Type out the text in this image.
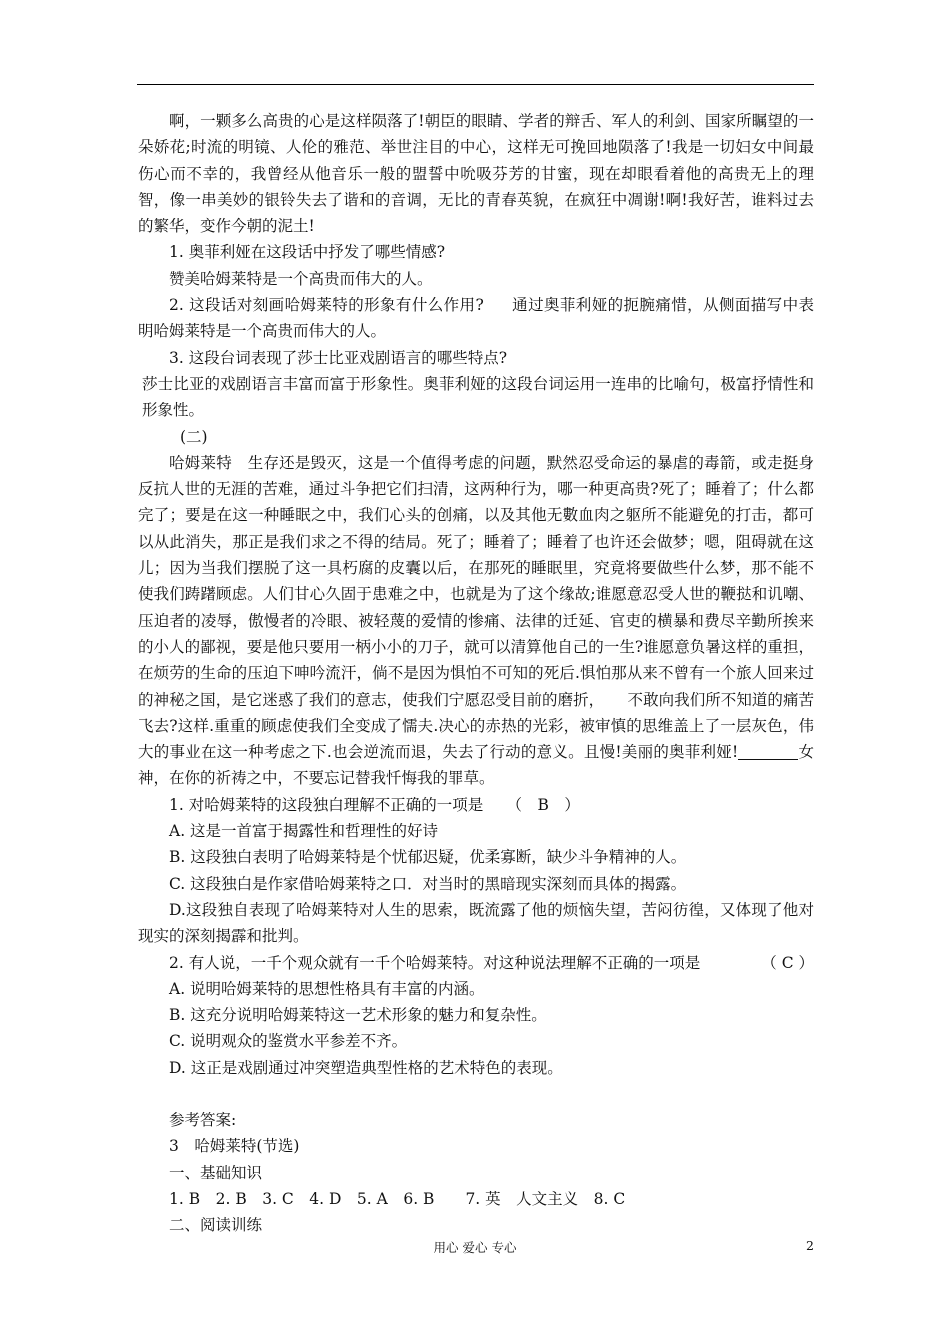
啊，一颗多么高贵的心是这样陨落了!朝臣的眼睛、学者的辩舌、军人的利剑、国家所瞩望的一朵娇花;时流的明镜、人伦的雅范、举世注目的中心，这样无可挽回地陨落了!我是一切妇女中间最伤心而不幸的，我曾经从他音乐一般的盟誓中吮吸芬芳的甘蜜，现在却眼看着他的高贵无上的理智，像一串美妙的银铃失去了谐和的音调，无比的青春英貌，在疯狂中凋谢!啊!我好苦，谁料过去的繁华，变作今朝的泥土!

1. 奥菲利娅在这段话中抒发了哪些情感?

赞美哈姆莱特是一个高贵而伟大的人。

2. 这段话对刻画哈姆莱特的形象有什么作用? 通过奥菲利娅的扼腕痛惜，从侧面描写中表明哈姆莱特是一个高贵而伟大的人。

3. 这段台词表现了莎士比亚戏剧语言的哪些特点?

莎士比亚的戏剧语言丰富而富于形象性。奥菲利娅的这段台词运用一连串的比喻句，极富抒情性和形象性。

(二)

哈姆莱特　 生存还是毁灭，这是一个值得考虑的问题，默然忍受命运的暴虐的毒箭，或走挺身反抗人世的无涯的苦难，通过斗争把它们扫清，这两种行为，哪一种更高贵?死了；睡着了；什么都完了；要是在这一种睡眠之中，我们心头的创痛，以及其他无數血肉之躯所不能避免的打击，都可以从此消失，那正是我们求之不得的结局。死了；睡着了；睡着了也许还会做梦；嗯，阻碍就在这儿；因为当我们摆脱了这一具朽腐的皮囊以后，在那死的睡眠里，究竟将要做些什么梦，那不能不使我们踌躇顾虑。人们甘心久固于患难之中，也就是为了这个缘故;谁愿意忍受人世的鞭挞和讥嘲、压迫者的凌辱，傲慢者的冷眼、被轻蔑的爱情的惨痛、法律的迁延、官吏的横暴和费尽辛勤所挨来的小人的鄙视，要是他只要用一柄小小的刀子，就可以清算他自己的一生?谁愿意负暑这样的重担，在烦劳的生命的压迫下呻吟流汗，倘不是因为惧怕不可知的死后.惧怕那从来不曾有一个旅人回来过的神秘之国，是它迷惑了我们的意志，使我们宁愿忍受目前的磨折，　　 不敢向我们所不知道的痛苦飞去?这样.重重的顾虑使我们全变成了懦夫.决心的赤热的光彩，被审慎的思维盖上了一层灰色，伟大的事业在这一种考虑之下.也会逆流而退，失去了行动的意义。且慢!美丽的奥菲利娅!	女神，在你的祈祷之中，不要忘记替我忏悔我的罪草。

1. 对哈姆莱特的这段独白理解不正确的一项是　　 （　B　）

A. 这是一首富于揭露性和哲理性的好诗

B. 这段独白表明了哈姆莱特是个忧郁迟疑，优柔寡断，缺少斗争精神的人。

C. 这段独白是作家借哈姆莱特之口．对当时的黑暗现实深刻而具体的揭露。

D.这段独自表现了哈姆莱特对人生的思索，既流露了他的烦恼失望，苦闷彷徨，又体现了他对现实的深刻揭霹和批判。

2. 有人说，一千个观众就有一千个哈姆莱特。对这种说法理解不正确的一项是	（ C ）

A. 说明哈姆莱特的思想性格具有丰富的内涵。

B. 这充分说明哈姆莱特这一艺术形象的魅力和复杂性。

C. 说明观众的鉴赏水平参差不齐。

D. 这正是戏剧通过冲突塑造典型性格的艺术特色的表现。

参考答案:

3　哈姆莱特(节选)

一、基础知识

1. B　2. B　3. C　4. D　5. A　6. B　　7. 英　人文主义　8. C

二、阅读训练

用心 爱心 专心	2
